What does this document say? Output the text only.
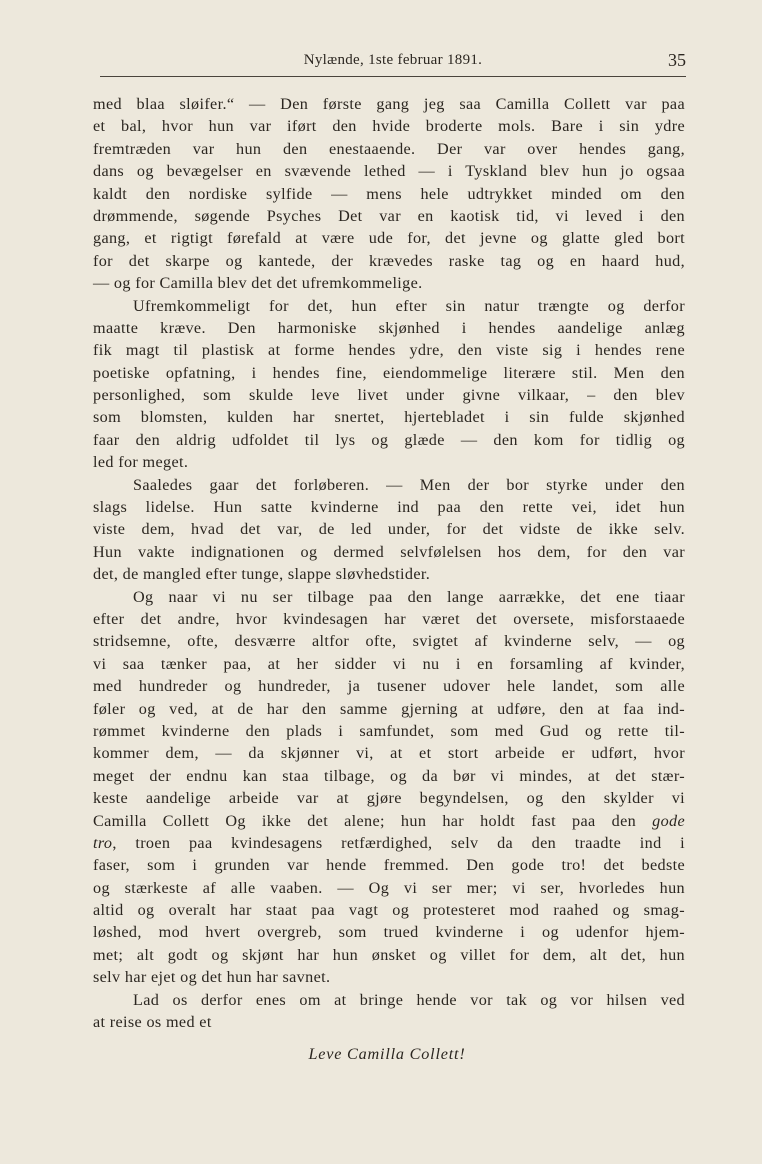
Nylænde, 1ste februar 1891.	35
med blaa sløifer.“ — Den første gang jeg saa Camilla Collett var paa
et bal, hvor hun var iført den hvide broderte mols. Bare i sin ydre
fremtræden var hun den enestaaende. Der var over hendes gang,
dans og bevægelser en svævende lethed — i Tyskland blev hun jo ogsaa
kaldt den nordiske sylfide — mens hele udtrykket minded om den
drømmende, søgende Psyches Det var en kaotisk tid, vi leved i den
gang, et rigtigt førefald at være ude for, det jevne og glatte gled bort
for det skarpe og kantede, der krævedes raske tag og en haard hud,
— og for Camilla blev det det ufremkommelige.
Ufremkommeligt for det, hun efter sin natur trængte og derfor
maatte kræve. Den harmoniske skjønhed i hendes aandelige anlæg
fik magt til plastisk at forme hendes ydre, den viste sig i hendes rene
poetiske opfatning, i hendes fine, eiendommelige literære stil. Men den
personlighed, som skulde leve livet under givne vilkaar, – den blev
som blomsten, kulden har snertet, hjertebladet i sin fulde skjønhed
faar den aldrig udfoldet til lys og glæde — den kom for tidlig og
led for meget.
Saaledes gaar det forløberen. — Men der bor styrke under den
slags lidelse. Hun satte kvinderne ind paa den rette vei, idet hun
viste dem, hvad det var, de led under, for det vidste de ikke selv.
Hun vakte indignationen og dermed selvfølelsen hos dem, for den var
det, de mangled efter tunge, slappe sløvhedstider.
Og naar vi nu ser tilbage paa den lange aarrække, det ene tiaar
efter det andre, hvor kvindesagen har været det oversete, misforstaaede
stridsemne, ofte, desværre altfor ofte, svigtet af kvinderne selv, — og
vi saa tænker paa, at her sidder vi nu i en forsamling af kvinder,
med hundreder og hundreder, ja tusener udover hele landet, som alle
føler og ved, at de har den samme gjerning at udføre, den at faa ind-
rømmet kvinderne den plads i samfundet, som med Gud og rette til-
kommer dem, — da skjønner vi, at et stort arbeide er udført, hvor
meget der endnu kan staa tilbage, og da bør vi mindes, at det stær-
keste aandelige arbeide var at gjøre begyndelsen, og den skylder vi
Camilla Collett Og ikke det alene; hun har holdt fast paa den gode
tro, troen paa kvindesagens retfærdighed, selv da den traadte ind i
faser, som i grunden var hende fremmed. Den gode tro! det bedste
og stærkeste af alle vaaben. — Og vi ser mer; vi ser, hvorledes hun
altid og overalt har staat paa vagt og protesteret mod raahed og smag-
løshed, mod hvert overgreb, som trued kvinderne i og udenfor hjem-
met; alt godt og skjønt har hun ønsket og villet for dem, alt det, hun
selv har ejet og det hun har savnet.
Lad os derfor enes om at bringe hende vor tak og vor hilsen ved
at reise os med et
Leve Camilla Collett!
